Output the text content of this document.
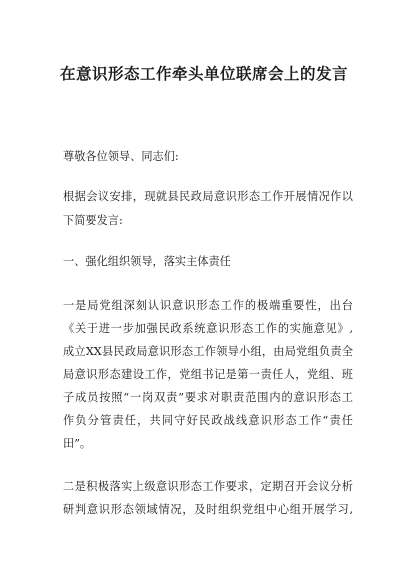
在意识形态工作牵头单位联席会上的发言
尊敬各位领导、同志们:
根据会议安排，现就县民政局意识形态工作开展情况作以
下简要发言:
一、强化组织领导，落实主体责任
一是局党组深刻认识意识形态工作的极端重要性，出台
《关于进一步加强民政系统意识形态工作的实施意见》,
成立XX县民政局意识形态工作领导小组，由局党组负责全
局意识形态建设工作，党组书记是第一责任人，党组、班
子成员按照“一岗双责”要求对职责范围内的意识形态工
作负分管责任，共同守好民政战线意识形态工作“责任
田”。
二是积极落实上级意识形态工作要求，定期召开会议分析
研判意识形态领域情况，及时组织党组中心组开展学习,
